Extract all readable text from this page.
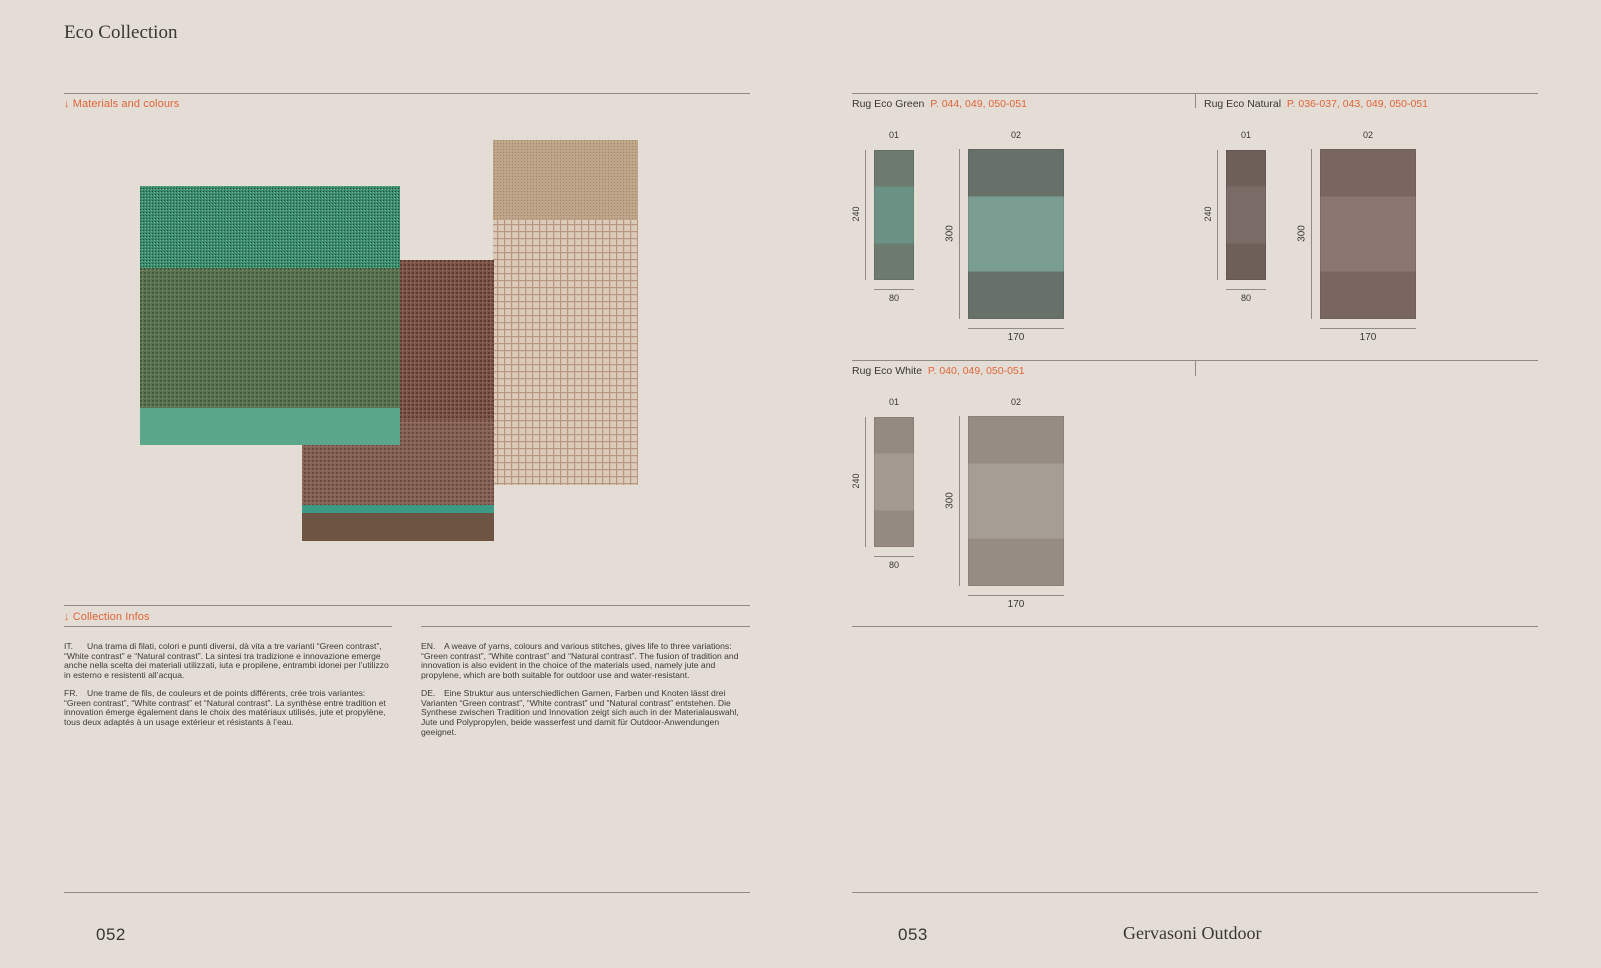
Eco Collection
↓ Materials and colours
↓ Collection Infos

IT. Una trama di filati, colori e punti diversi, dà vita a tre varianti “Green contrast”, “White contrast” e “Natural contrast”. La sintesi tra tradizione e innovazione emerge anche nella scelta dei materiali utilizzati, iuta e propilene, entrambi idonei per l’utilizzo in esterno e resistenti all’acqua.

FR. Une trame de fils, de couleurs et de points différents, crée trois variantes: “Green contrast”, “White contrast” et “Natural contrast”. La synthèse entre tradition et innovation émerge également dans le choix des matériaux utilisés, jute et propylène, tous deux adaptés à un usage extérieur et résistants à l’eau.

EN. A weave of yarns, colours and various stitches, gives life to three variations: “Green contrast”, “White contrast” and “Natural contrast”. The fusion of tradition and innovation is also evident in the choice of the materials used, namely jute and propylene, which are both suitable for outdoor use and water-resistant.

DE. Eine Struktur aus unterschiedlichen Garnen, Farben und Knoten lässt drei Varianten “Green contrast”, “White contrast” und “Natural contrast” entstehen. Die Synthese zwischen Tradition und Innovation zeigt sich auch in der Materialauswahl, Jute und Polypropylen, beide wasserfest und damit für Outdoor-Anwendungen geeignet.

052
Rug Eco Green P. 044, 049, 050-051	Rug Eco Natural P. 036-037, 043, 049, 050-051
Rug Eco White P. 040, 049, 050-051
01
240
80
02
300
170
01
240
80
02
300
170
01
240
80
02
300
170
053	Gervasoni Outdoor
